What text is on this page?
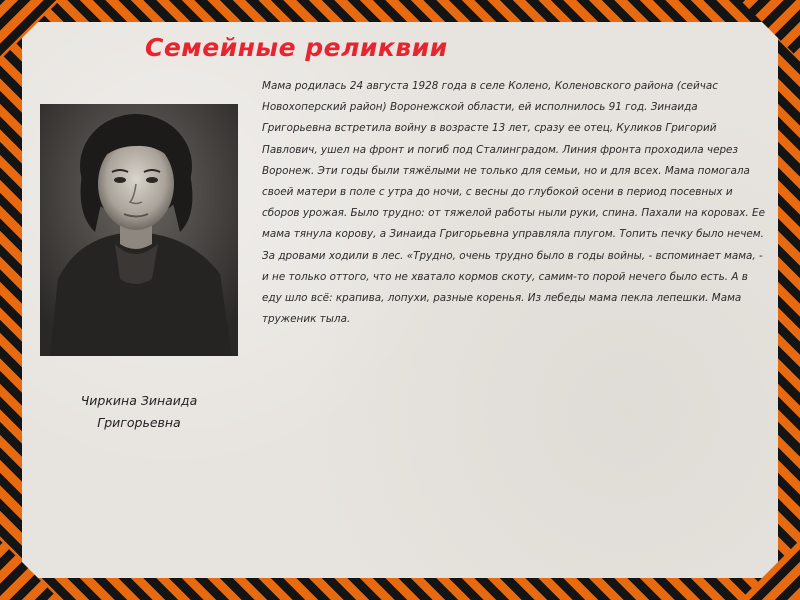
Семейные реликвии

Мама родилась 24 августа 1928 года в селе Колено, Коленовского района (сейчас Новохоперский район) Воронежской области, ей исполнилось 91 год. Зинаида Григорьевна встретила войну в возрасте 13 лет, сразу ее отец, Куликов Григорий Павлович, ушел на фронт и погиб под Сталинградом. Линия фронта проходила через Воронеж. Эти годы были тяжёлыми не только для семьи, но и для всех. Мама помогала своей матери в поле с утра до ночи, с весны до глубокой осени в период посевных и сборов урожая. Было трудно: от тяжелой работы ныли руки, спина. Пахали на коровах. Ее мама тянула корову, а Зинаида Григорьевна управляла плугом. Топить печку было нечем. За дровами ходили в лес. «Трудно, очень трудно было в годы войны, - вспоминает мама, - и не только оттого, что не хватало кормов скоту, самим-то порой нечего было есть. А в еду шло всё: крапива, лопухи, разные коренья. Из лебеды мама пекла лепешки. Мама труженик тыла.

Чиркина Зинаида
Григорьевна
